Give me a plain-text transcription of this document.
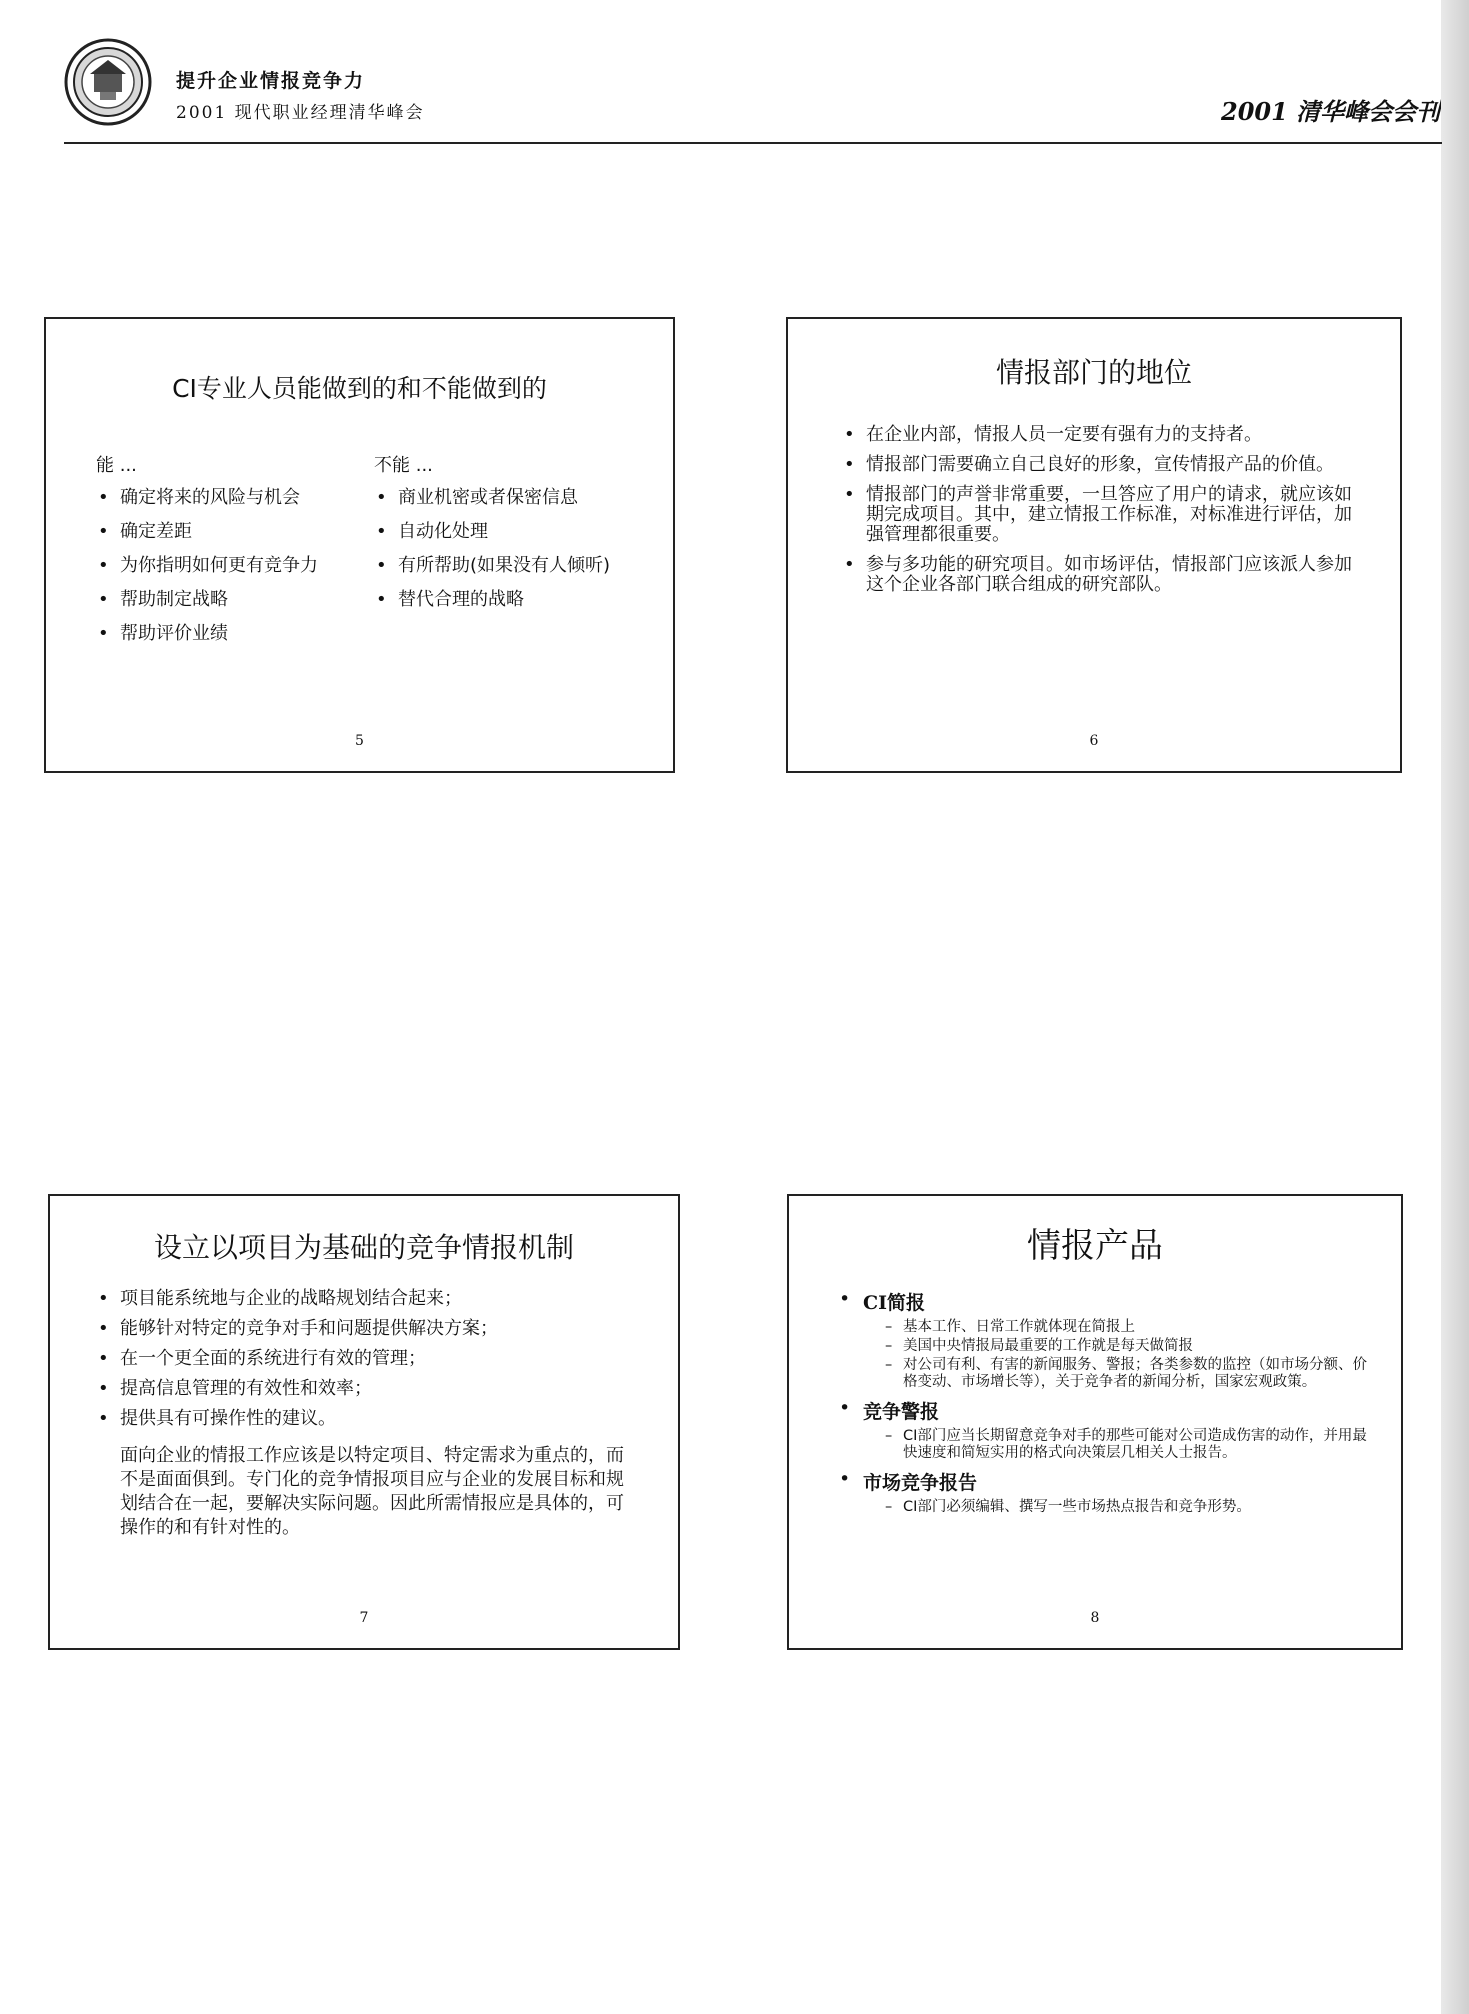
提升企业情报竞争力
2001 现代职业经理清华峰会	2001 清华峰会会刊
CI专业人员能做到的和不能做到的
能 ...
• 确定将来的风险与机会
• 确定差距
• 为你指明如何更有竞争力
• 帮助制定战略
• 帮助评价业绩
不能 ...
• 商业机密或者保密信息
• 自动化处理
• 有所帮助(如果没有人倾听)
• 替代合理的战略
5
情报部门的地位
• 在企业内部，情报人员一定要有强有力的支持者。
• 情报部门需要确立自己良好的形象，宣传情报产品的价值。
• 情报部门的声誉非常重要，一旦答应了用户的请求，就应该如期完成项目。其中，建立情报工作标准，对标准进行评估，加强管理都很重要。
• 参与多功能的研究项目。如市场评估，情报部门应该派人参加这个企业各部门联合组成的研究部队。
6
设立以项目为基础的竞争情报机制
• 项目能系统地与企业的战略规划结合起来；
• 能够针对特定的竞争对手和问题提供解决方案；
• 在一个更全面的系统进行有效的管理；
• 提高信息管理的有效性和效率；
• 提供具有可操作性的建议。
面向企业的情报工作应该是以特定项目、特定需求为重点的，而不是面面俱到。专门化的竞争情报项目应与企业的发展目标和规划结合在一起，要解决实际问题。因此所需情报应是具体的，可操作的和有针对性的。
7
情报产品
• CI简报
– 基本工作、日常工作就体现在简报上
– 美国中央情报局最重要的工作就是每天做简报
– 对公司有利、有害的新闻服务、警报；各类参数的监控（如市场分额、价格变动、市场增长等），关于竞争者的新闻分析，国家宏观政策。
• 竞争警报
– CI部门应当长期留意竞争对手的那些可能对公司造成伤害的动作，并用最快速度和简短实用的格式向决策层几相关人士报告。
• 市场竞争报告
– CI部门必须编辑、撰写一些市场热点报告和竞争形势。
8
